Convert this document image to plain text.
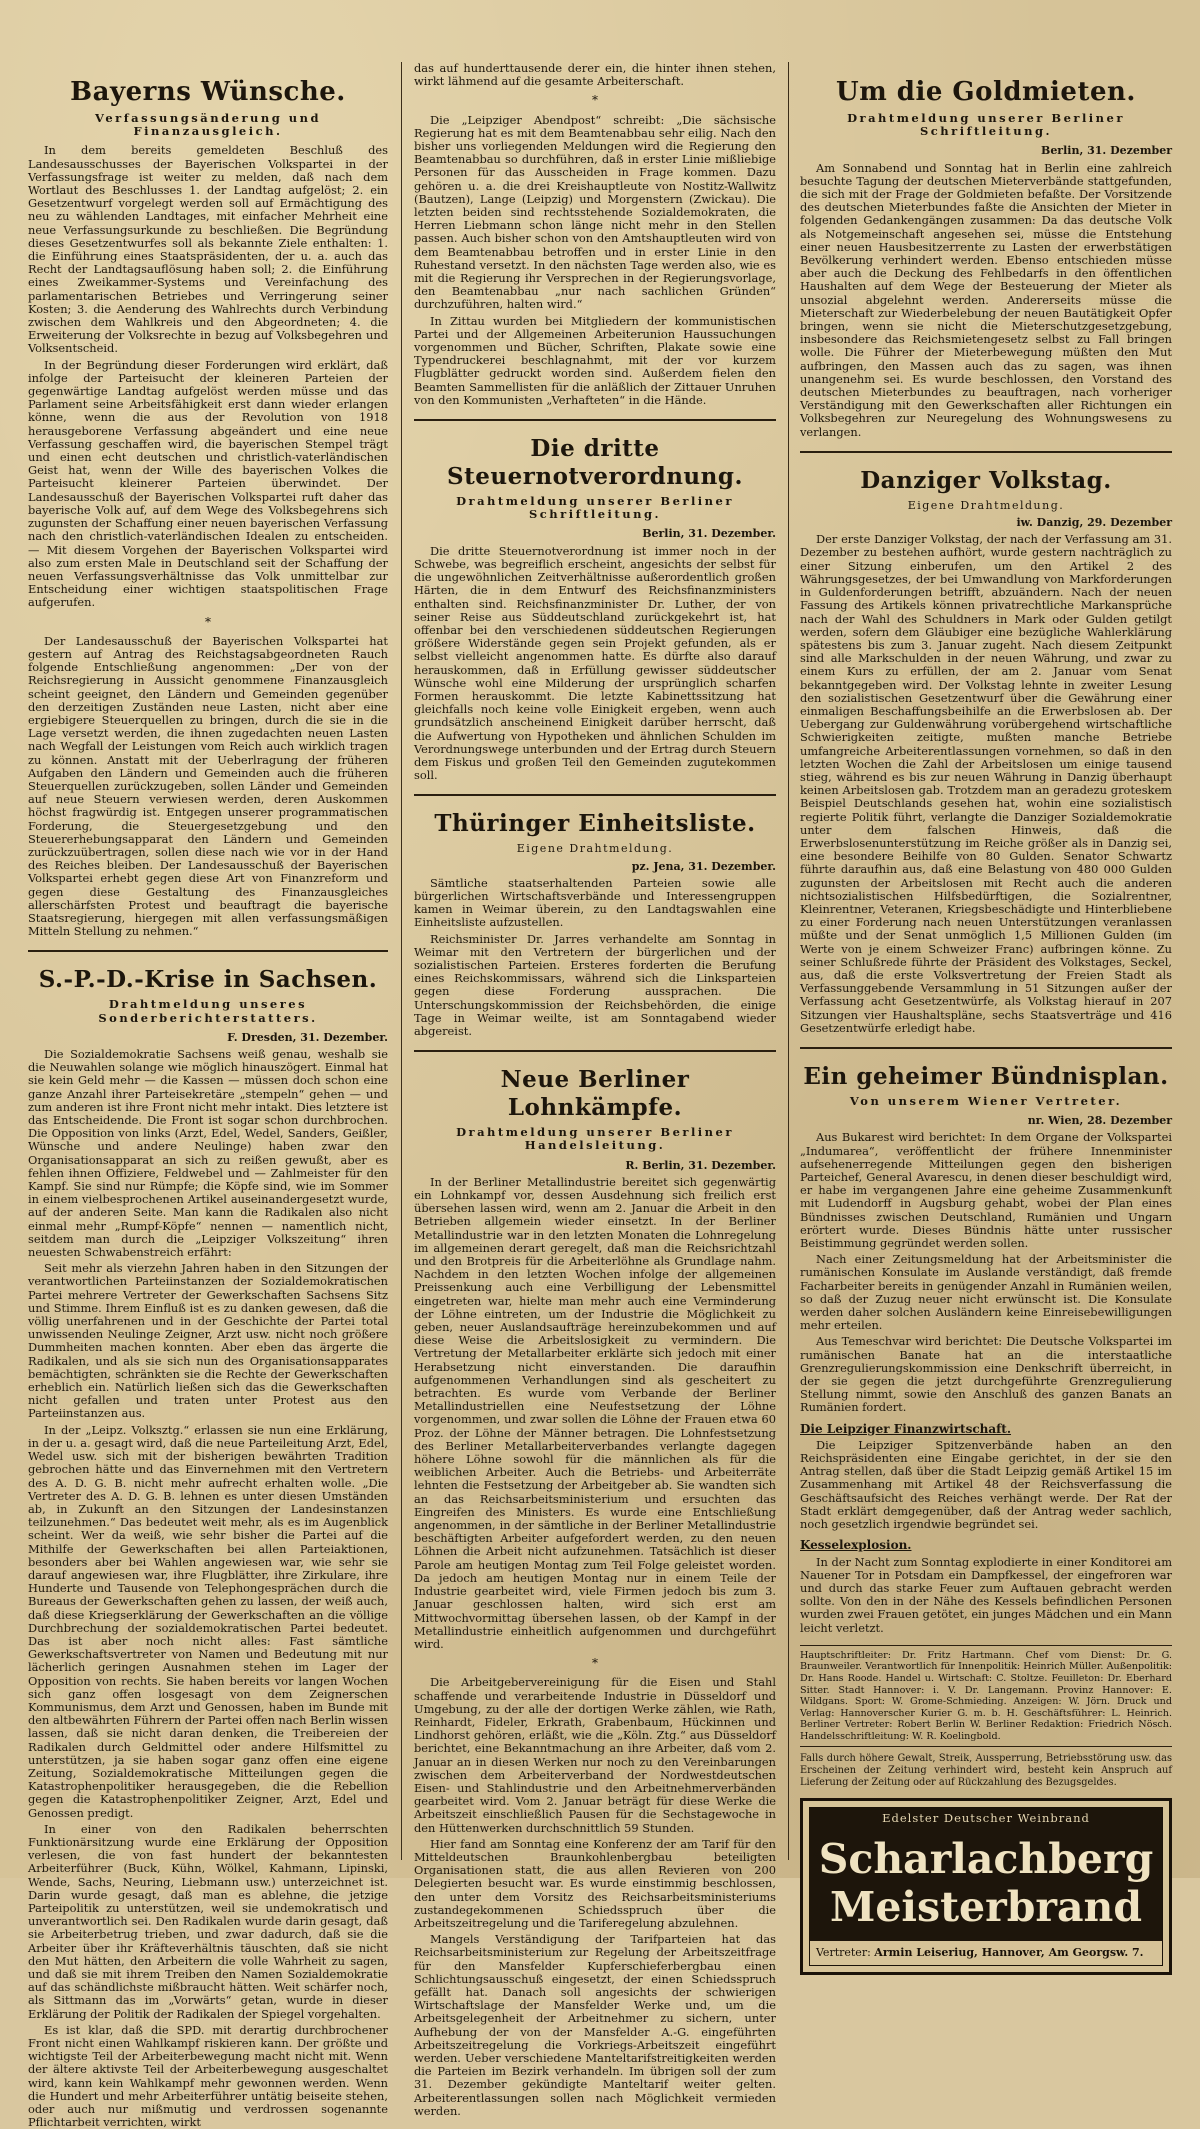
Bayerns Wünsche.
Verfassungsänderung und Finanzausgleich.

In dem bereits gemeldeten Beschluß des Landesausschusses der Bayerischen Volkspartei in der Verfassungsfrage ist weiter zu melden, daß nach dem Wortlaut des Beschlusses 1. der Landtag aufgelöst; 2. ein Gesetzentwurf vorgelegt werden soll auf Ermächtigung des neu zu wählenden Landtages, mit einfacher Mehrheit eine neue Verfassungsurkunde zu beschließen. Die Begründung dieses Gesetzentwurfes soll als bekannte Ziele enthalten: 1. die Einführung eines Staatspräsidenten, der u. a. auch das Recht der Landtagsauflösung haben soll; 2. die Einführung eines Zweikammer-Systems und Vereinfachung des parlamentarischen Betriebes und Verringerung seiner Kosten; 3. die Aenderung des Wahlrechts durch Verbindung zwischen dem Wahlkreis und den Abgeordneten; 4. die Erweiterung der Volksrechte in bezug auf Volksbegehren und Volksentscheid.

In der Begründung dieser Forderungen wird erklärt, daß infolge der Parteisucht der kleineren Parteien der gegenwärtige Landtag aufgelöst werden müsse und das Parlament seine Arbeitsfähigkeit erst dann wieder erlangen könne, wenn die aus der Revolution von 1918 herausgeborene Verfassung abgeändert und eine neue Verfassung geschaffen wird, die bayerischen Stempel trägt und einen echt deutschen und christlich-vaterländischen Geist hat, wenn der Wille des bayerischen Volkes die Parteisucht kleinerer Parteien überwindet. Der Landesausschuß der Bayerischen Volkspartei ruft daher das bayerische Volk auf, auf dem Wege des Volksbegehrens sich zugunsten der Schaffung einer neuen bayerischen Verfassung nach den christlich-vaterländischen Idealen zu entscheiden. — Mit diesem Vorgehen der Bayerischen Volkspartei wird also zum ersten Male in Deutschland seit der Schaffung der neuen Verfassungsverhältnisse das Volk unmittelbar zur Entscheidung einer wichtigen staatspolitischen Frage aufgerufen.

*

Der Landesausschuß der Bayerischen Volkspartei hat gestern auf Antrag des Reichstagsabgeordneten Rauch folgende Entschließung angenommen: „Der von der Reichsregierung in Aussicht genommene Finanzausgleich scheint geeignet, den Ländern und Gemeinden gegenüber den derzeitigen Zuständen neue Lasten, nicht aber eine ergiebigere Steuerquellen zu bringen, durch die sie in die Lage versetzt werden, die ihnen zugedachten neuen Lasten nach Wegfall der Leistungen vom Reich auch wirklich tragen zu können. Anstatt mit der Ueberlragung der früheren Aufgaben den Ländern und Gemeinden auch die früheren Steuerquellen zurückzugeben, sollen Länder und Gemeinden auf neue Steuern verwiesen werden, deren Auskommen höchst fragwürdig ist. Entgegen unserer programmatischen Forderung, die Steuergesetzgebung und den Steuererhebungsapparat den Ländern und Gemeinden zurückzuübertragen, sollen diese nach wie vor in der Hand des Reiches bleiben. Der Landesausschuß der Bayerischen Volkspartei erhebt gegen diese Art von Finanzreform und gegen diese Gestaltung des Finanzausgleiches allerschärfsten Protest und beauftragt die bayerische Staatsregierung, hiergegen mit allen verfassungsmäßigen Mitteln Stellung zu nehmen.“

S.-P.-D.-Krise in Sachsen.
Drahtmeldung unseres Sonderberichterstatters.
F. Dresden, 31. Dezember.

Die Sozialdemokratie Sachsens weiß genau, weshalb sie die Neuwahlen solange wie möglich hinauszögert. Einmal hat sie kein Geld mehr — die Kassen — müssen doch schon eine ganze Anzahl ihrer Parteisekretäre „stempeln“ gehen — und zum anderen ist ihre Front nicht mehr intakt. Dies letztere ist das Entscheidende. Die Front ist sogar schon durchbrochen. Die Opposition von links (Arzt, Edel, Wedel, Sanders, Geißler, Wünsche und andere Neulinge) haben zwar den Organisationsapparat an sich zu reißen gewußt, aber es fehlen ihnen Offiziere, Feldwebel und — Zahlmeister für den Kampf. Sie sind nur Rümpfe; die Köpfe sind, wie im Sommer in einem vielbesprochenen Artikel auseinandergesetzt wurde, auf der anderen Seite. Man kann die Radikalen also nicht einmal mehr „Rumpf-Köpfe“ nennen — namentlich nicht, seitdem man durch die „Leipziger Volkszeitung“ ihren neuesten Schwabenstreich erfährt:

Seit mehr als vierzehn Jahren haben in den Sitzungen der verantwortlichen Parteiinstanzen der Sozialdemokratischen Partei mehrere Vertreter der Gewerkschaften Sachsens Sitz und Stimme. Ihrem Einfluß ist es zu danken gewesen, daß die völlig unerfahrenen und in der Geschichte der Partei total unwissenden Neulinge Zeigner, Arzt usw. nicht noch größere Dummheiten machen konnten. Aber eben das ärgerte die Radikalen, und als sie sich nun des Organisationsapparates bemächtigten, schränkten sie die Rechte der Gewerkschaften erheblich ein. Natürlich ließen sich das die Gewerkschaften nicht gefallen und traten unter Protest aus den Parteiinstanzen aus.

In der „Leipz. Volksztg.“ erlassen sie nun eine Erklärung, in der u. a. gesagt wird, daß die neue Parteileitung Arzt, Edel, Wedel usw. sich mit der bisherigen bewährten Tradition gebrochen hätte und das Einvernehmen mit den Vertretern des A. D. G. B. nicht mehr aufrecht erhalten wolle. „Die Vertreter des A. D. G. B. lehnen es unter diesen Umständen ab, in Zukunft an den Sitzungen der Landesinstanzen teilzunehmen.“ Das bedeutet weit mehr, als es im Augenblick scheint. Wer da weiß, wie sehr bisher die Partei auf die Mithilfe der Gewerkschaften bei allen Parteiaktionen, besonders aber bei Wahlen angewiesen war, wie sehr sie darauf angewiesen war, ihre Flugblätter, ihre Zirkulare, ihre Hunderte und Tausende von Telephongesprächen durch die Bureaus der Gewerkschaften gehen zu lassen, der weiß auch, daß diese Kriegserklärung der Gewerkschaften an die völlige Durchbrechung der sozialdemokratischen Partei bedeutet. Das ist aber noch nicht alles: Fast sämtliche Gewerkschaftsvertreter von Namen und Bedeutung mit nur lächerlich geringen Ausnahmen stehen im Lager der Opposition von rechts. Sie haben bereits vor langen Wochen sich ganz offen losgesagt von dem Zeignerschen Kommunismus, dem Arzt und Genossen, haben im Bunde mit den altbewährten Führern der Partei offen nach Berlin wissen lassen, daß sie nicht daran denken, die Treibereien der Radikalen durch Geldmittel oder andere Hilfsmittel zu unterstützen, ja sie haben sogar ganz offen eine eigene Zeitung, Sozialdemokratische Mitteilungen gegen die Katastrophenpolitiker herausgegeben, die die Rebellion gegen die Katastrophenpolitiker Zeigner, Arzt, Edel und Genossen predigt.

In einer von den Radikalen beherrschten Funktionärsitzung wurde eine Erklärung der Opposition verlesen, die von fast hundert der bekanntesten Arbeiterführer (Buck, Kühn, Wölkel, Kahmann, Lipinski, Wende, Sachs, Neuring, Liebmann usw.) unterzeichnet ist. Darin wurde gesagt, daß man es ablehne, die jetzige Parteipolitik zu unterstützen, weil sie undemokratisch und unverantwortlich sei. Den Radikalen wurde darin gesagt, daß sie Arbeiterbetrug trieben, und zwar dadurch, daß sie die Arbeiter über ihr Kräfteverhältnis täuschten, daß sie nicht den Mut hätten, den Arbeitern die volle Wahrheit zu sagen, und daß sie mit ihrem Treiben den Namen Sozialdemokratie auf das schändlichste mißbraucht hätten. Weit schärfer noch, als Sittmann das im „Vorwärts“ getan, wurde in dieser Erklärung der Politik der Radikalen der Spiegel vorgehalten.

Es ist klar, daß die SPD. mit derartig durchbrochener Front nicht einen Wahlkampf riskieren kann. Der größte und wichtigste Teil der Arbeiterbewegung macht nicht mit. Wenn der ältere aktivste Teil der Arbeiterbewegung ausgeschaltet wird, kann kein Wahlkampf mehr gewonnen werden. Wenn die Hundert und mehr Arbeiterführer untätig beiseite stehen, oder auch nur mißmutig und verdrossen sogenannte Pflichtarbeit verrichten, wirkt

das auf hunderttausende derer ein, die hinter ihnen stehen, wirkt lähmend auf die gesamte Arbeiterschaft.

*

Die „Leipziger Abendpost“ schreibt: „Die sächsische Regierung hat es mit dem Beamtenabbau sehr eilig. Nach den bisher uns vorliegenden Meldungen wird die Regierung den Beamtenabbau so durchführen, daß in erster Linie mißliebige Personen für das Ausscheiden in Frage kommen. Dazu gehören u. a. die drei Kreishauptleute von Nostitz-Wallwitz (Bautzen), Lange (Leipzig) und Morgenstern (Zwickau). Die letzten beiden sind rechtsstehende Sozialdemokraten, die Herren Liebmann schon länge nicht mehr in den Stellen passen. Auch bisher schon von den Amtshauptleuten wird von dem Beamtenabbau betroffen und in erster Linie in den Ruhestand versetzt. In den nächsten Tage werden also, wie es mit die Regierung ihr Versprechen in der Regierungsvorlage, den Beamtenabbau „nur nach sachlichen Gründen“ durchzuführen, halten wird.“

In Zittau wurden bei Mitgliedern der kommunistischen Partei und der Allgemeinen Arbeiterunion Haussuchungen vorgenommen und Bücher, Schriften, Plakate sowie eine Typendruckerei beschlagnahmt, mit der vor kurzem Flugblätter gedruckt worden sind. Außerdem fielen den Beamten Sammellisten für die anläßlich der Zittauer Unruhen von den Kommunisten „Verhafteten“ in die Hände.

Die dritte Steuernotverordnung.
Drahtmeldung unserer Berliner Schriftleitung.
Berlin, 31. Dezember.

Die dritte Steuernotverordnung ist immer noch in der Schwebe, was begreiflich erscheint, angesichts der selbst für die ungewöhnlichen Zeitverhältnisse außerordentlich großen Härten, die in dem Entwurf des Reichsfinanzministers enthalten sind. Reichsfinanzminister Dr. Luther, der von seiner Reise aus Süddeutschland zurückgekehrt ist, hat offenbar bei den verschiedenen süddeutschen Regierungen größere Widerstände gegen sein Projekt gefunden, als er selbst vielleicht angenommen hatte. Es dürfte also darauf herauskommen, daß in Erfüllung gewisser süddeutscher Wünsche wohl eine Milderung der ursprünglich scharfen Formen herauskommt. Die letzte Kabinettssitzung hat gleichfalls noch keine volle Einigkeit ergeben, wenn auch grundsätzlich anscheinend Einigkeit darüber herrscht, daß die Aufwertung von Hypotheken und ähnlichen Schulden im Verordnungswege unterbunden und der Ertrag durch Steuern dem Fiskus und großen Teil den Gemeinden zugutekommen soll.

Thüringer Einheitsliste.
Eigene Drahtmeldung.
pz. Jena, 31. Dezember.

Sämtliche staatserhaltenden Parteien sowie alle bürgerlichen Wirtschaftsverbände und Interessengruppen kamen in Weimar überein, zu den Landtagswahlen eine Einheitsliste aufzustellen.

Reichsminister Dr. Jarres verhandelte am Sonntag in Weimar mit den Vertretern der bürgerlichen und der sozialistischen Parteien. Ersteres forderten die Berufung eines Reichskommissars, während sich die Linksparteien gegen diese Forderung aussprachen. Die Unterschungskommission der Reichsbehörden, die einige Tage in Weimar weilte, ist am Sonntagabend wieder abgereist.

Neue Berliner Lohnkämpfe.
Drahtmeldung unserer Berliner Handelsleitung.
R. Berlin, 31. Dezember.

In der Berliner Metallindustrie bereitet sich gegenwärtig ein Lohnkampf vor, dessen Ausdehnung sich freilich erst übersehen lassen wird, wenn am 2. Januar die Arbeit in den Betrieben allgemein wieder einsetzt. In der Berliner Metallindustrie war in den letzten Monaten die Lohnregelung im allgemeinen derart geregelt, daß man die Reichsrichtzahl und den Brotpreis für die Arbeiterlöhne als Grundlage nahm. Nachdem in den letzten Wochen infolge der allgemeinen Preissenkung auch eine Verbilligung der Lebensmittel eingetreten war, hielte man mehr auch eine Verminderung der Löhne eintreten, um der Industrie die Möglichkeit zu geben, neuer Auslandsaufträge hereinzubekommen und auf diese Weise die Arbeitslosigkeit zu vermindern. Die Vertretung der Metallarbeiter erklärte sich jedoch mit einer Herabsetzung nicht einverstanden. Die daraufhin aufgenommenen Verhandlungen sind als gescheitert zu betrachten. Es wurde vom Verbande der Berliner Metallindustriellen eine Neufestsetzung der Löhne vorgenommen, und zwar sollen die Löhne der Frauen etwa 60 Proz. der Löhne der Männer betragen. Die Lohnfestsetzung des Berliner Metallarbeiterverbandes verlangte dagegen höhere Löhne sowohl für die männlichen als für die weiblichen Arbeiter. Auch die Betriebs- und Arbeiterräte lehnten die Festsetzung der Arbeitgeber ab. Sie wandten sich an das Reichsarbeitsministerium und ersuchten das Eingreifen des Ministers. Es wurde eine Entschließung angenommen, in der sämtliche in der Berliner Metallindustrie beschäftigten Arbeiter aufgefordert werden, zu den neuen Löhnen die Arbeit nicht aufzunehmen. Tatsächlich ist dieser Parole am heutigen Montag zum Teil Folge geleistet worden. Da jedoch am heutigen Montag nur in einem Teile der Industrie gearbeitet wird, viele Firmen jedoch bis zum 3. Januar geschlossen halten, wird sich erst am Mittwochvormittag übersehen lassen, ob der Kampf in der Metallindustrie einheitlich aufgenommen und durchgeführt wird.

*

Die Arbeitgebervereinigung für die Eisen und Stahl schaffende und verarbeitende Industrie in Düsseldorf und Umgebung, zu der alle der dortigen Werke zählen, wie Rath, Reinhardt, Fideler, Erkrath, Grabenbaum, Hückinnen und Lindhorst gehören, erläßt, wie die „Köln. Ztg.“ aus Düsseldorf berichtet, eine Bekanntmachung an ihre Arbeiter, daß vom 2. Januar an in diesen Werken nur noch zu den Vereinbarungen zwischen dem Arbeiterverband der Nordwestdeutschen Eisen- und Stahlindustrie und den Arbeitnehmerverbänden gearbeitet wird. Vom 2. Januar beträgt für diese Werke die Arbeitszeit einschließlich Pausen für die Sechstagewoche in den Hüttenwerken durchschnittlich 59 Stunden.

Hier fand am Sonntag eine Konferenz der am Tarif für den Mitteldeutschen Braunkohlenbergbau beteiligten Organisationen statt, die aus allen Revieren von 200 Delegierten besucht war. Es wurde einstimmig beschlossen, den unter dem Vorsitz des Reichsarbeitsministeriums zustandegekommenen Schiedsspruch über die Arbeitszeitregelung und die Tariferegelung abzulehnen.

Mangels Verständigung der Tarifparteien hat das Reichsarbeitsministerium zur Regelung der Arbeitszeitfrage für den Mansfelder Kupferschieferbergbau einen Schlichtungsausschuß eingesetzt, der einen Schiedsspruch gefällt hat. Danach soll angesichts der schwierigen Wirtschaftslage der Mansfelder Werke und, um die Arbeitsgelegenheit der Arbeitnehmer zu sichern, unter Aufhebung der von der Mansfelder A.-G. eingeführten Arbeitszeitregelung die Vorkriegs-Arbeitszeit eingeführt werden. Ueber verschiedene Manteltarifstreitigkeiten werden die Parteien im Bezirk verhandeln. Im übrigen soll der zum 31. Dezember gekündigte Manteltarif weiter gelten. Arbeiterentlassungen sollen nach Möglichkeit vermieden werden.

Um die Goldmieten.
Drahtmeldung unserer Berliner Schriftleitung.
Berlin, 31. Dezember

Am Sonnabend und Sonntag hat in Berlin eine zahlreich besuchte Tagung der deutschen Mieterverbände stattgefunden, die sich mit der Frage der Goldmieten befaßte. Der Vorsitzende des deutschen Mieterbundes faßte die Ansichten der Mieter in folgenden Gedankengängen zusammen: Da das deutsche Volk als Notgemeinschaft angesehen sei, müsse die Entstehung einer neuen Hausbesitzerrente zu Lasten der erwerbstätigen Bevölkerung verhindert werden. Ebenso entschieden müsse aber auch die Deckung des Fehlbedarfs in den öffentlichen Haushalten auf dem Wege der Besteuerung der Mieter als unsozial abgelehnt werden. Andererseits müsse die Mieterschaft zur Wiederbelebung der neuen Bautätigkeit Opfer bringen, wenn sie nicht die Mieterschutzgesetzgebung, insbesondere das Reichsmietengesetz selbst zu Fall bringen wolle. Die Führer der Mieterbewegung müßten den Mut aufbringen, den Massen auch das zu sagen, was ihnen unangenehm sei. Es wurde beschlossen, den Vorstand des deutschen Mieterbundes zu beauftragen, nach vorheriger Verständigung mit den Gewerkschaften aller Richtungen ein Volksbegehren zur Neuregelung des Wohnungswesens zu verlangen.

Danziger Volkstag.
Eigene Drahtmeldung.
iw. Danzig, 29. Dezember

Der erste Danziger Volkstag, der nach der Verfassung am 31. Dezember zu bestehen aufhört, wurde gestern nachträglich zu einer Sitzung einberufen, um den Artikel 2 des Währungsgesetzes, der bei Umwandlung von Markforderungen in Guldenforderungen betrifft, abzuändern. Nach der neuen Fassung des Artikels können privatrechtliche Markansprüche nach der Wahl des Schuldners in Mark oder Gulden getilgt werden, sofern dem Gläubiger eine bezügliche Wahlerklärung spätestens bis zum 3. Januar zugeht. Nach diesem Zeitpunkt sind alle Markschulden in der neuen Währung, und zwar zu einem Kurs zu erfüllen, der am 2. Januar vom Senat bekanntgegeben wird. Der Volkstag lehnte in zweiter Lesung den sozialistischen Gesetzentwurf über die Gewährung einer einmaligen Beschaffungsbeihilfe an die Erwerbslosen ab. Der Uebergang zur Guldenwährung vorübergehend wirtschaftliche Schwierigkeiten zeitigte, mußten manche Betriebe umfangreiche Arbeiterentlassungen vornehmen, so daß in den letzten Wochen die Zahl der Arbeitslosen um einige tausend stieg, während es bis zur neuen Währung in Danzig überhaupt keinen Arbeitslosen gab. Trotzdem man an geradezu groteskem Beispiel Deutschlands gesehen hat, wohin eine sozialistisch regierte Politik führt, verlangte die Danziger Sozialdemokratie unter dem falschen Hinweis, daß die Erwerbslosenunterstützung im Reiche größer als in Danzig sei, eine besondere Beihilfe von 80 Gulden. Senator Schwartz führte daraufhin aus, daß eine Belastung von 480 000 Gulden zugunsten der Arbeitslosen mit Recht auch die anderen nichtsozialistischen Hilfsbedürftigen, die Sozialrentner, Kleinrentner, Veteranen, Kriegsbeschädigte und Hinterbliebene zu einer Forderung nach neuen Unterstützungen veranlassen müßte und der Senat unmöglich 1,5 Millionen Gulden (im Werte von je einem Schweizer Franc) aufbringen könne. Zu seiner Schlußrede führte der Präsident des Volkstages, Seckel, aus, daß die erste Volksvertretung der Freien Stadt als Verfassunggebende Versammlung in 51 Sitzungen außer der Verfassung acht Gesetzentwürfe, als Volkstag hierauf in 207 Sitzungen vier Haushaltspläne, sechs Staatsverträge und 416 Gesetzentwürfe erledigt habe.

Ein geheimer Bündnisplan.
Von unserem Wiener Vertreter.
nr. Wien, 28. Dezember

Aus Bukarest wird berichtet: In dem Organe der Volkspartei „Indumarea“, veröffentlicht der frühere Innenminister aufsehenerregende Mitteilungen gegen den bisherigen Parteichef, General Avarescu, in denen dieser beschuldigt wird, er habe im vergangenen Jahre eine geheime Zusammenkunft mit Ludendorff in Augsburg gehabt, wobei der Plan eines Bündnisses zwischen Deutschland, Rumänien und Ungarn erörtert wurde. Dieses Bündnis hätte unter russischer Beistimmung gegründet werden sollen.

Nach einer Zeitungsmeldung hat der Arbeitsminister die rumänischen Konsulate im Auslande verständigt, daß fremde Facharbeiter bereits in genügender Anzahl in Rumänien weilen, so daß der Zuzug neuer nicht erwünscht ist. Die Konsulate werden daher solchen Ausländern keine Einreisebewilligungen mehr erteilen.

Aus Temeschvar wird berichtet: Die Deutsche Volkspartei im rumänischen Banate hat an die interstaatliche Grenzregulierungskommission eine Denkschrift überreicht, in der sie gegen die jetzt durchgeführte Grenzregulierung Stellung nimmt, sowie den Anschluß des ganzen Banats an Rumänien fordert.

Die Leipziger Finanzwirtschaft.

Die Leipziger Spitzenverbände haben an den Reichspräsidenten eine Eingabe gerichtet, in der sie den Antrag stellen, daß über die Stadt Leipzig gemäß Artikel 15 im Zusammenhang mit Artikel 48 der Reichsverfassung die Geschäftsaufsicht des Reiches verhängt werde. Der Rat der Stadt erklärt demgegenüber, daß der Antrag weder sachlich, noch gesetzlich irgendwie begründet sei.

Kesselexplosion.

In der Nacht zum Sonntag explodierte in einer Konditorei am Nauener Tor in Potsdam ein Dampfkessel, der eingefroren war und durch das starke Feuer zum Auftauen gebracht werden sollte. Von den in der Nähe des Kessels befindlichen Personen wurden zwei Frauen getötet, ein junges Mädchen und ein Mann leicht verletzt.

Hauptschriftleiter: Dr. Fritz Hartmann. Chef vom Dienst: Dr. G. Braunweiler. Verantwortlich für Innenpolitik: Heinrich Müller. Außenpolitik: Dr. Hans Roode. Handel u. Wirtschaft: C. Stoltze. Feuilleton: Dr. Eberhard Sitter. Stadt Hannover: i. V. Dr. Langemann. Provinz Hannover: E. Wildgans. Sport: W. Grome-Schmieding. Anzeigen: W. Jörn. Druck und Verlag: Hannoverscher Kurier G. m. b. H. Geschäftsführer: L. Heinrich. Berliner Vertreter: Robert Berlin W. Berliner Redaktion: Friedrich Nösch. Handelsschriftleitung: W. R. Koelingbold.
Falls durch höhere Gewalt, Streik, Aussperrung, Betriebsstörung usw. das Erscheinen der Zeitung verhindert wird, besteht kein Anspruch auf Lieferung der Zeitung oder auf Rückzahlung des Bezugsgeldes.
Edelster Deutscher Weinbrand
Scharlachberg
Meisterbrand
Vertreter: Armin Leiseriug, Hannover, Am Georgsw. 7.
